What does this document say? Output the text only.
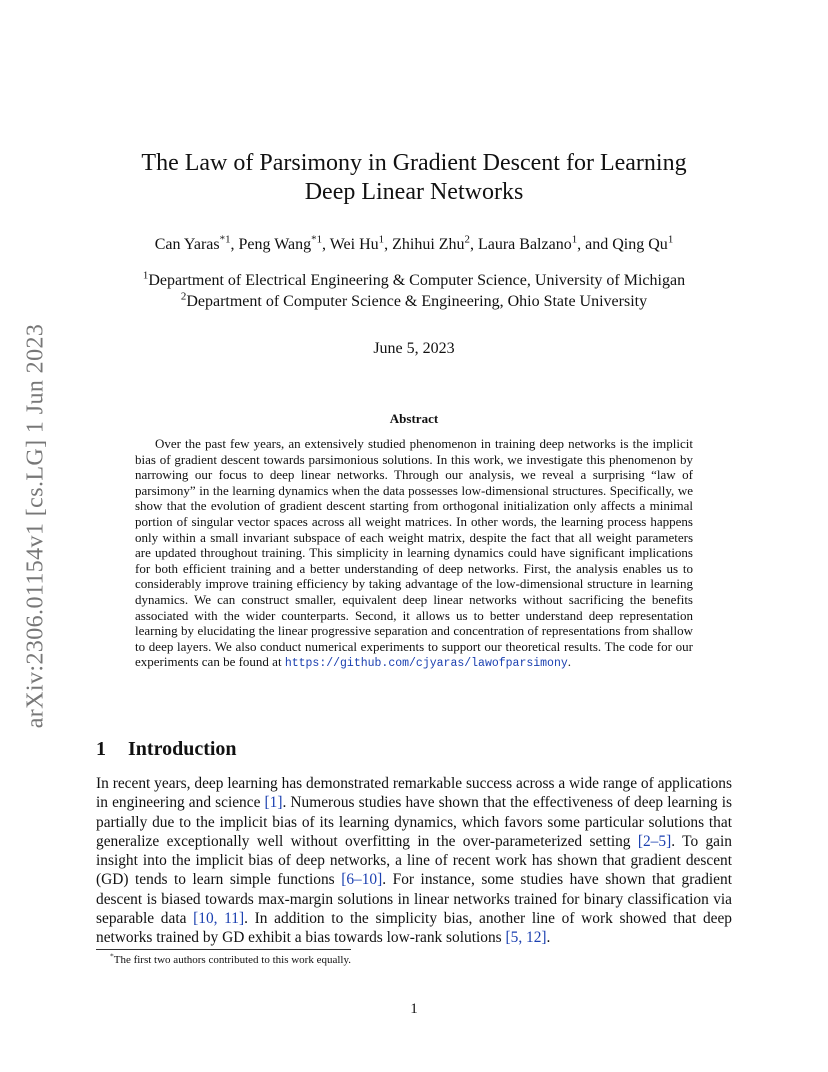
arXiv:2306.01154v1 [cs.LG] 1 Jun 2023
The Law of Parsimony in Gradient Descent for Learning
Deep Linear Networks
Can Yaras$^{*1}$, Peng Wang$^{*1}$, Wei Hu$^1$, Zhihui Zhu$^2$, Laura Balzano$^1$, and Qing Qu$^1$
$^1$Department of Electrical Engineering & Computer Science, University of Michigan
$^2$Department of Computer Science & Engineering, Ohio State University
June 5, 2023
Abstract

Over the past few years, an extensively studied phenomenon in training deep networks is the implicit bias of gradient descent towards parsimonious solutions. In this work, we investigate this phenomenon by narrowing our focus to deep linear networks. Through our analysis, we reveal a surprising “law of parsimony” in the learning dynamics when the data possesses low-dimensional structures. Specifically, we show that the evolution of gradient descent starting from orthogonal initialization only affects a minimal portion of singular vector spaces across all weight matrices. In other words, the learning process happens only within a small invariant subspace of each weight matrix, despite the fact that all weight parameters are updated throughout training. This simplicity in learning dynamics could have significant implications for both efficient training and a better understanding of deep networks. First, the analysis enables us to considerably improve training efficiency by taking advantage of the low-dimensional structure in learning dynamics. We can construct smaller, equivalent deep linear networks without sacrificing the benefits associated with the wider counterparts. Second, it allows us to better understand deep representation learning by elucidating the linear progressive separation and concentration of representations from shallow to deep layers. We also conduct numerical experiments to support our theoretical results. The code for our experiments can be found at https://github.com/cjyaras/lawofparsimony.

1 Introduction

In recent years, deep learning has demonstrated remarkable success across a wide range of applications in engineering and science [1]. Numerous studies have shown that the effectiveness of deep learning is partially due to the implicit bias of its learning dynamics, which favors some particular solutions that generalize exceptionally well without overfitting in the over-parameterized setting [2–5]. To gain insight into the implicit bias of deep networks, a line of recent work has shown that gradient descent (GD) tends to learn simple functions [6–10]. For instance, some studies have shown that gradient descent is biased towards max-margin solutions in linear networks trained for binary classification via separable data [10, 11]. In addition to the simplicity bias, another line of work showed that deep networks trained by GD exhibit a bias towards low-rank solutions [5, 12].

*The first two authors contributed to this work equally.
1
